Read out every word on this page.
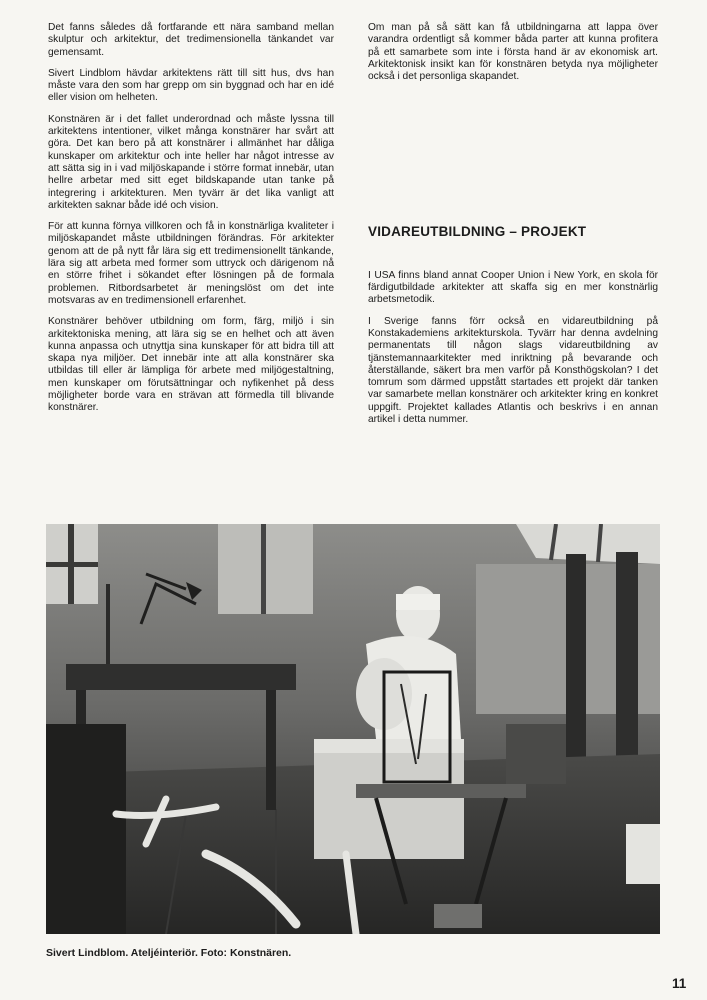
Det fanns således då fortfarande ett nära samband mellan skulptur och arkitektur, det tredimensionella tänkandet var gemensamt.

Sivert Lindblom hävdar arkitektens rätt till sitt hus, dvs han måste vara den som har grepp om sin byggnad och har en idé eller vision om helheten.

Konstnären är i det fallet underordnad och måste lyssna till arkitektens intentioner, vilket många konstnärer har svårt att göra. Det kan bero på att konstnärer i allmänhet har dåliga kunskaper om arkitektur och inte heller har något intresse av att sätta sig in i vad miljöskapande i större format innebär, utan hellre arbetar med sitt eget bildskapande utan tanke på integrering i arkitekturen. Men tyvärr är det lika vanligt att arkitekten saknar både idé och vision.

För att kunna förnya villkoren och få in konstnärliga kvaliteter i miljöskapandet måste utbildningen förändras. För arkitekter genom att de på nytt får lära sig ett tredimensionellt tänkande, lära sig att arbeta med former som uttryck och därigenom nå en större frihet i sökandet efter lösningen på de formala problemen. Ritbordsarbetet är meningslöst om det inte motsvaras av en tredimensionell erfarenhet.

Konstnärer behöver utbildning om form, färg, miljö i sin arkitektoniska mening, att lära sig se en helhet och att även kunna anpassa och utnyttja sina kunskaper för att bidra till att skapa nya miljöer. Det innebär inte att alla konstnärer ska utbildas till eller är lämpliga för arbete med miljögestaltning, men kunskaper om förutsättningar och nyfikenhet på dess möjligheter borde vara en strävan att förmedla till blivande konstnärer.

Om man på så sätt kan få utbildningarna att lappa över varandra ordentligt så kommer båda parter att kunna profitera på ett samarbete som inte i första hand är av ekonomisk art. Arkitektonisk insikt kan för konstnären betyda nya möjligheter också i det personliga skapandet.

VIDAREUTBILDNING – PROJEKT

I USA finns bland annat Cooper Union i New York, en skola för färdigutbildade arkitekter att skaffa sig en mer konstnärlig arbetsmetodik.

I Sverige fanns förr också en vidareutbildning på Konstakademiens arkitekturskola. Tyvärr har denna avdelning permanentats till någon slags vidareutbildning av tjänstemannaarkitekter med inriktning på bevarande och återställande, säkert bra men varför på Konsthögskolan? I det tomrum som därmed uppstått startades ett projekt där tanken var samarbete mellan konstnärer och arkitekter kring en konkret uppgift. Projektet kallades Atlantis och beskrivs i en annan artikel i detta nummer.

Sivert Lindblom. Ateljéinteriör. Foto: Konstnären.
11
